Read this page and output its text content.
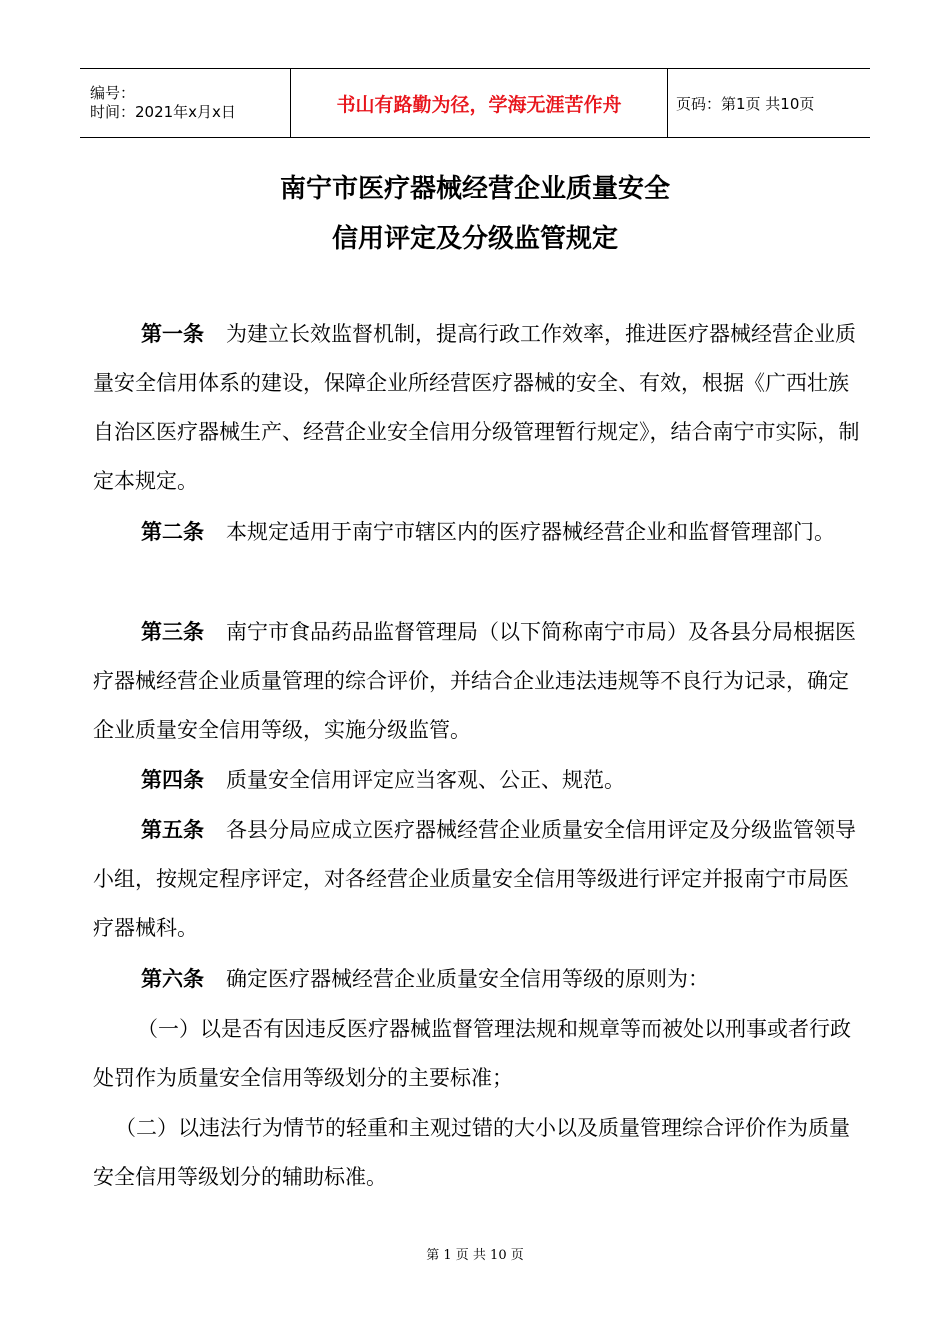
编号：
时间：2021年x月x日	书山有路勤为径，学海无涯苦作舟	页码：第1页 共10页
南宁市医疗器械经营企业质量安全
信用评定及分级监管规定

第一条 为建立长效监督机制，提高行政工作效率，推进医疗器械经营企业质量安全信用体系的建设，保障企业所经营医疗器械的安全、有效，根据《广西壮族自治区医疗器械生产、经营企业安全信用分级管理暂行规定》，结合南宁市实际，制定本规定。

第二条 本规定适用于南宁市辖区内的医疗器械经营企业和监督管理部门。

第三条 南宁市食品药品监督管理局（以下简称南宁市局）及各县分局根据医疗器械经营企业质量管理的综合评价，并结合企业违法违规等不良行为记录，确定企业质量安全信用等级，实施分级监管。

第四条 质量安全信用评定应当客观、公正、规范。

第五条 各县分局应成立医疗器械经营企业质量安全信用评定及分级监管领导小组，按规定程序评定，对各经营企业质量安全信用等级进行评定并报南宁市局医疗器械科。

第六条 确定医疗器械经营企业质量安全信用等级的原则为：

（一）以是否有因违反医疗器械监督管理法规和规章等而被处以刑事或者行政处罚作为质量安全信用等级划分的主要标准；

（二）以违法行为情节的轻重和主观过错的大小以及质量管理综合评价作为质量安全信用等级划分的辅助标准。

第 1 页 共 10 页
